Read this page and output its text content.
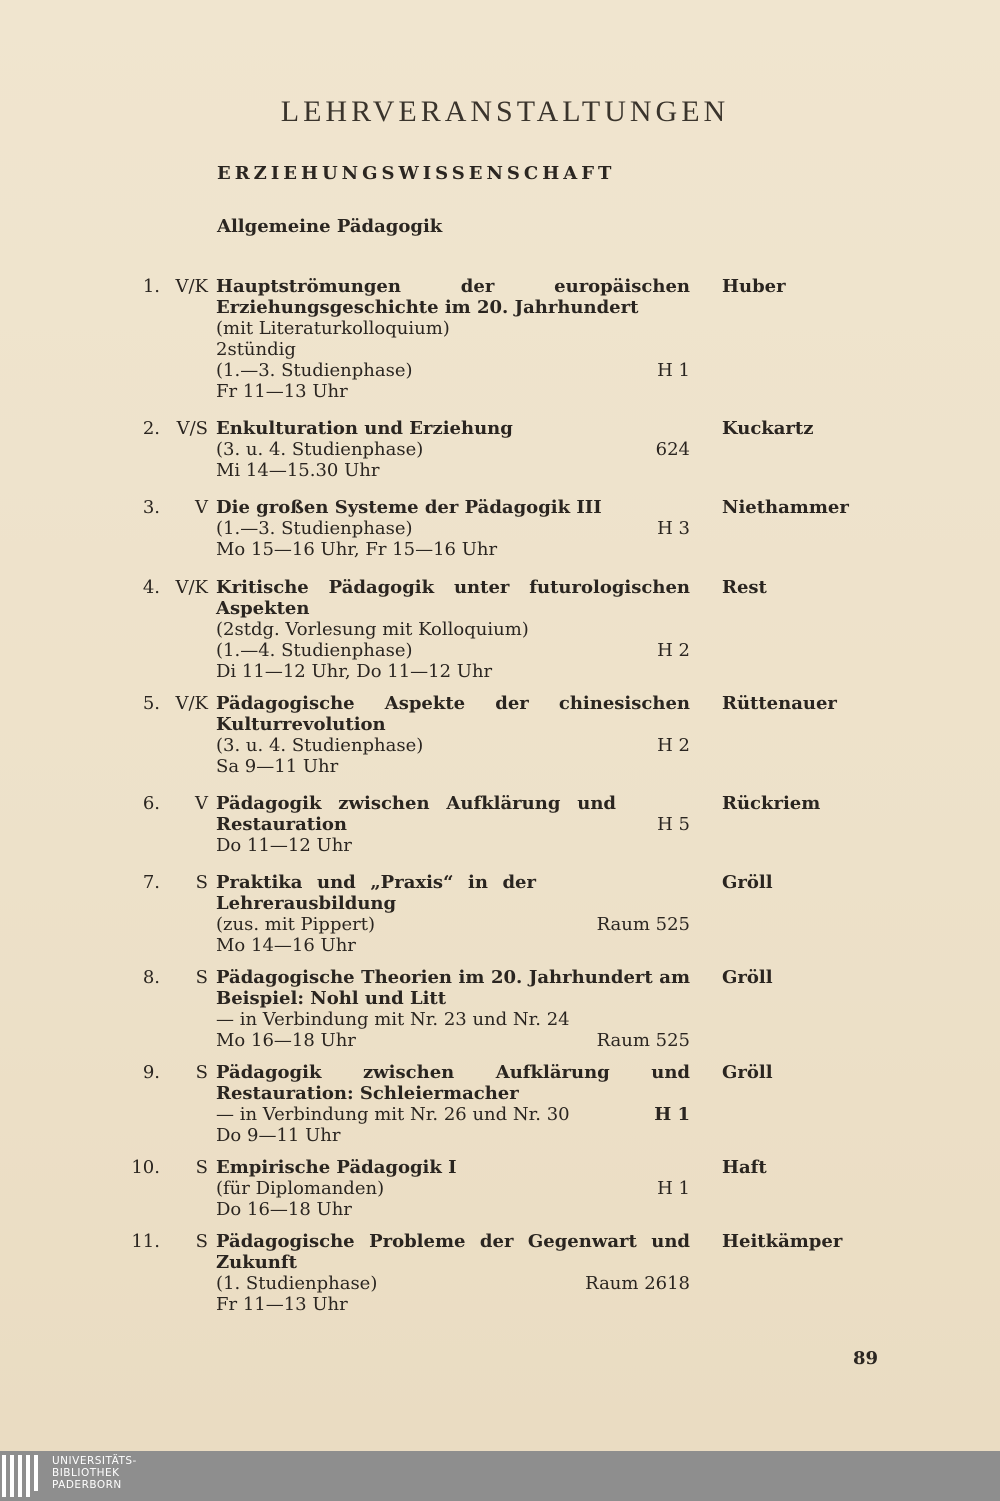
LEHRVERANSTALTUNGEN
ERZIEHUNGSWISSENSCHAFT
Allgemeine Pädagogik
1. V/K Hauptströmungen der europäischen Erziehungsgeschichte im 20. Jahrhundert
(mit Literaturkolloquium)
2stündig
(1.—3. Studienphase)	H 1
Fr 11—13 Uhr
Huber
2. V/S Enkulturation und Erziehung
(3. u. 4. Studienphase)	624
Mi 14—15.30 Uhr
Kuckartz
3.	V Die großen Systeme der Pädagogik III
(1.—3. Studienphase)	H 3
Mo 15—16 Uhr, Fr 15—16 Uhr
Niethammer
4. V/K Kritische Pädagogik unter futurologischen Aspekten
(2stdg. Vorlesung mit Kolloquium)
(1.—4. Studienphase)	H 2
Di 11—12 Uhr, Do 11—12 Uhr
Rest
5. V/K Pädagogische Aspekte der chinesischen Kulturrevolution
(3. u. 4. Studienphase)	H 2
Sa 9—11 Uhr
Rüttenauer
6.	V Pädagogik zwischen Aufklärung und Restauration	H 5
Do 11—12 Uhr
Rückriem
7.	S Praktika und „Praxis“ in der Lehrerausbildung
(zus. mit Pippert)	Raum 525
Mo 14—16 Uhr
Gröll
8.	S Pädagogische Theorien im 20. Jahrhundert am Beispiel: Nohl und Litt
— in Verbindung mit Nr. 23 und Nr. 24
Mo 16—18 Uhr	Raum 525
Gröll
9.	S Pädagogik zwischen Aufklärung und Restauration: Schleiermacher
— in Verbindung mit Nr. 26 und Nr. 30	H 1
Do 9—11 Uhr
Gröll
10.	S Empirische Pädagogik I
(für Diplomanden)	H 1
Do 16—18 Uhr
Haft
11.	S Pädagogische Probleme der Gegenwart und Zukunft
(1. Studienphase)	Raum 2618
Fr 11—13 Uhr
Heitkämper
89
UNIVERSITÄTS-
BIBLIOTHEK
PADERBORN
